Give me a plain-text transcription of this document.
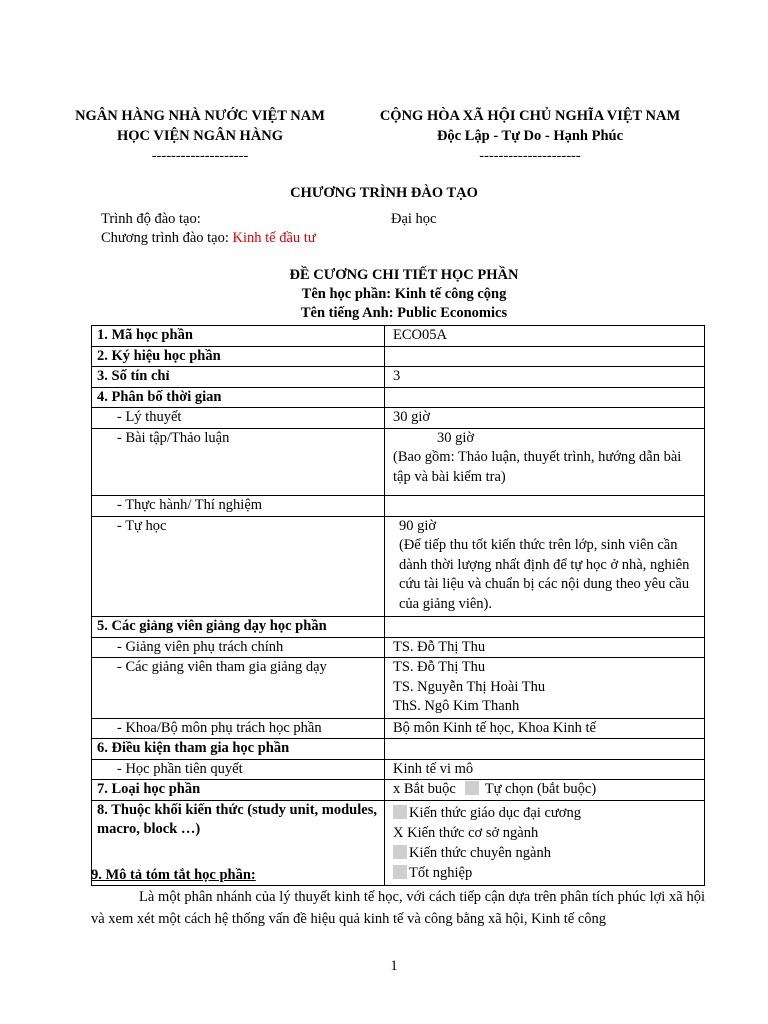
NGÂN HÀNG NHÀ NƯỚC VIỆT NAM
HỌC VIỆN NGÂN HÀNG
--------------------
CỘNG HÒA XÃ HỘI CHỦ NGHĨA VIỆT NAM
Độc Lập - Tự Do - Hạnh Phúc
---------------------
CHƯƠNG TRÌNH ĐÀO TẠO
Trình độ đào tạo:	Đại học
Chương trình đào tạo: Kinh tế đầu tư
ĐỀ CƯƠNG CHI TIẾT HỌC PHẦN
Tên học phần: Kinh tế công cộng
Tên tiếng Anh: Public Economics
1. Mã học phần	ECO05A
2. Ký hiệu học phần	
3. Số tín chỉ	3
4. Phân bố thời gian	

- Lý thuyết	30 giờ

- Bài tập/Thảo luận	30 giờ
(Bao gồm: Thảo luận, thuyết trình, hướng dẫn bài tập và bài kiểm tra)

- Thực hành/ Thí nghiệm	

- Tự học	90 giờ
(Để tiếp thu tốt kiến thức trên lớp, sinh viên cần dành thời lượng nhất định để tự học ở nhà, nghiên cứu tài liệu và chuẩn bị các nội dung theo yêu cầu của giảng viên).

5. Các giảng viên giảng dạy học phần	

- Giảng viên phụ trách chính	TS. Đỗ Thị Thu

- Các giảng viên tham gia giảng dạy	TS. Đỗ Thị Thu
TS. Nguyễn Thị Hoài Thu
ThS. Ngô Kim Thanh

- Khoa/Bộ môn phụ trách học phần	Bộ môn Kinh tế học, Khoa Kinh tế
6. Điều kiện tham gia học phần	

- Học phần tiên quyết	Kinh tế vi mô
7. Loại học phần	x Bắt buộc Tự chọn (bắt buộc)
8. Thuộc khối kiến thức (study unit, modules, macro, block …)	Kiến thức giáo dục đại cương
X Kiến thức cơ sở ngành
Kiến thức chuyên ngành
Tốt nghiệp
9. Mô tả tóm tắt học phần:
Là một phân nhánh của lý thuyết kinh tế học, với cách tiếp cận dựa trên phân tích phúc lợi xã hội và xem xét một cách hệ thống vấn đề hiệu quả kinh tế và công bằng xã hội, Kinh tế công
1
